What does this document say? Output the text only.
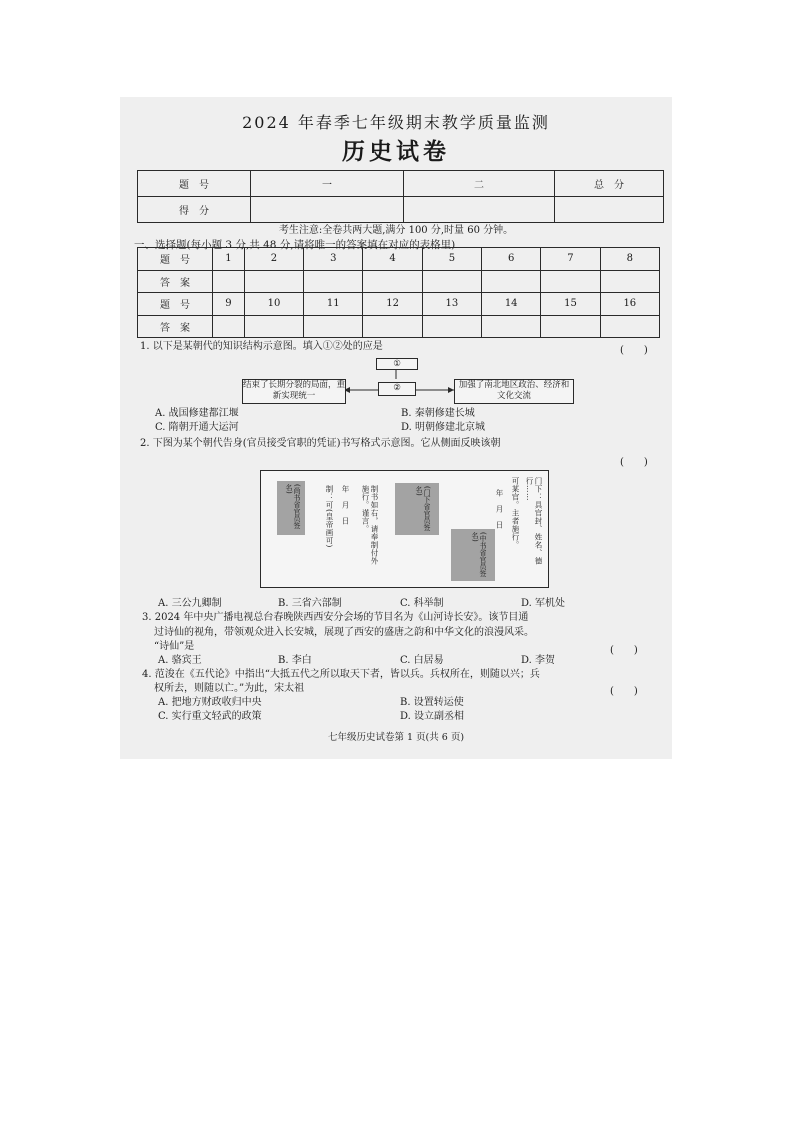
2024 年春季七年级期末教学质量监测
历史试卷
题　号	一	二	总　分
得　分			
考生注意:全卷共两大题,满分 100 分,时量 60 分钟。
一、选择题(每小题 3 分,共 48 分,请将唯一的答案填在对应的表格里)
题　号	1	2	3	4	5	6	7	8
答　案								
题　号	9	10	11	12	13	14	15	16
答　案								
1. 以下是某朝代的知识结构示意图。填入①②处的应是	(　　)
①
②
结束了长期分裂的局面，重新实现统一
加强了南北地区政治、经济和文化交流
A. 战国修建都江堰	B. 秦朝修建长城
C. 隋朝开通大运河	D. 明朝修建北京城
2. 下图为某个朝代告身(官员接受官职的凭证)书写格式示意图。它从侧面反映该朝
(　　)
(尚书省官员签名)	制：可(皇帝画可) 年　月　日	制书如右，请奉制付外施行。谨言。	(门下省官员签名)	年　月　日 可某官。主者施行。	门下：具官封、姓名、德行……
(中书省官员签名)
A. 三公九卿制	B. 三省六部制	C. 科举制	D. 军机处
3. 2024 年中央广播电视总台春晚陕西西安分会场的节目名为《山河诗长安》。该节目通
过诗仙的视角，带领观众进入长安城，展现了西安的盛唐之韵和中华文化的浪漫风采。
“诗仙”是	(　　)
A. 骆宾王	B. 李白	C. 白居易	D. 李贺
4. 范浚在《五代论》中指出“大抵五代之所以取天下者，皆以兵。兵权所在，则随以兴；兵
权所去，则随以亡。”为此，宋太祖	(　　)
A. 把地方财政收归中央	B. 设置转运使
C. 实行重文轻武的政策	D. 设立副丞相
七年级历史试卷第 1 页(共 6 页)
